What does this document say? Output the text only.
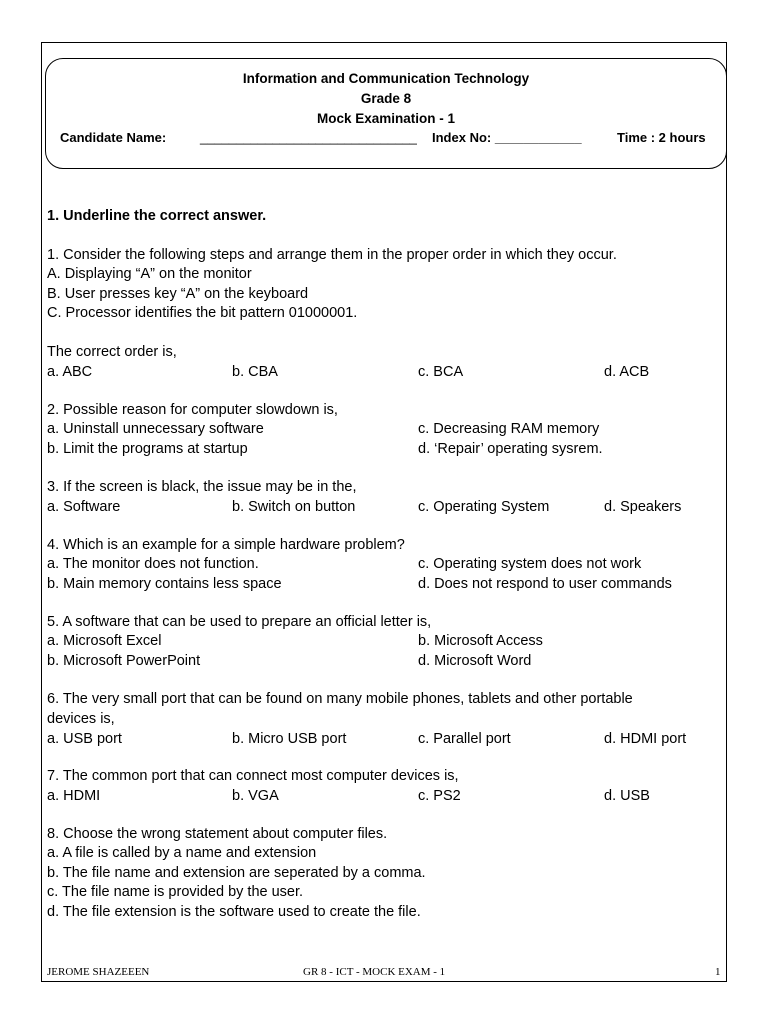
Information and Communication Technology
Grade 8
Mock Examination - 1
Candidate Name:	______________________________ Index No: ____________	Time : 2 hours
1. Underline the correct answer.
1. Consider the following steps and arrange them in the proper order in which they occur.
A. Displaying “A” on the monitor
B. User presses key “A” on the keyboard
C. Processor identifies the bit pattern 01000001.
The correct order is,
a. ABC	b. CBA	c. BCA	d. ACB
2. Possible reason for computer slowdown is,
a. Uninstall unnecessary software	c. Decreasing RAM memory
b. Limit the programs at startup	d. ‘Repair’ operating sysrem.
3. If the screen is black, the issue may be in the,
a. Software	b. Switch on button	c. Operating System	d. Speakers
4. Which is an example for a simple hardware problem?
a. The monitor does not function.	c. Operating system does not work
b. Main memory contains less space	d. Does not respond to user commands
5. A software that can be used to prepare an official letter is,
a. Microsoft Excel	b. Microsoft Access
b. Microsoft PowerPoint	d. Microsoft Word
6. The very small port that can be found on many mobile phones, tablets and other portable
devices is,
a. USB port	b. Micro USB port	c. Parallel port	d. HDMI port
7. The common port that can connect most computer devices is,
a. HDMI	b. VGA	c. PS2	d. USB
8. Choose the wrong statement about computer files.
a. A file is called by a name and extension
b. The file name and extension are seperated by a comma.
c. The file name is provided by the user.
d. The file extension is the software used to create the file.
JEROME SHAZEEEN	GR 8 - ICT - MOCK EXAM - 1	1
